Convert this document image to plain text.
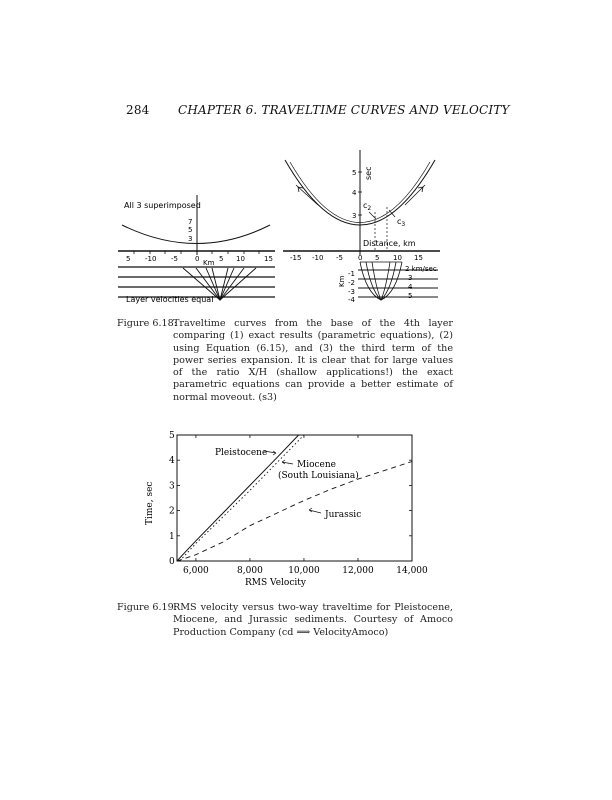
284 CHAPTER 6. TRAVELTIME CURVES AND VELOCITY
All 3 superimposed
7
5
3
5 -10 -5 0	5 10	15
Km
Layer velocities equal
sec
5
4
3
$c_2$
$c_3$
Distance, km
-15 -10 -5 0 5 10 15
Km
-1
-2
-3
-4
2 km/sec
3
4
5
Figure 6.18:
Traveltime curves from the base of the 4th layer comparing (1) exact results (parametric equations), (2) using Equation (6.15), and (3) the third term of the power series expansion. It is clear that for large values of the ratio X/H (shallow applications!) the exact parametric equations can provide a better estimate of normal moveout. (s3)
0
1
2
3
4
5
6,000	8,000	10,000	12,000	14,000
RMS Velocity
Time, sec
Pleistocene
Miocene
(South Louisiana)
Jurassic
Figure 6.19:
RMS velocity versus two-way traveltime for Pleistocene, Miocene, and Jurassic sediments. Courtesy of Amoco Production Company (cd ⟹ VelocityAmoco)
